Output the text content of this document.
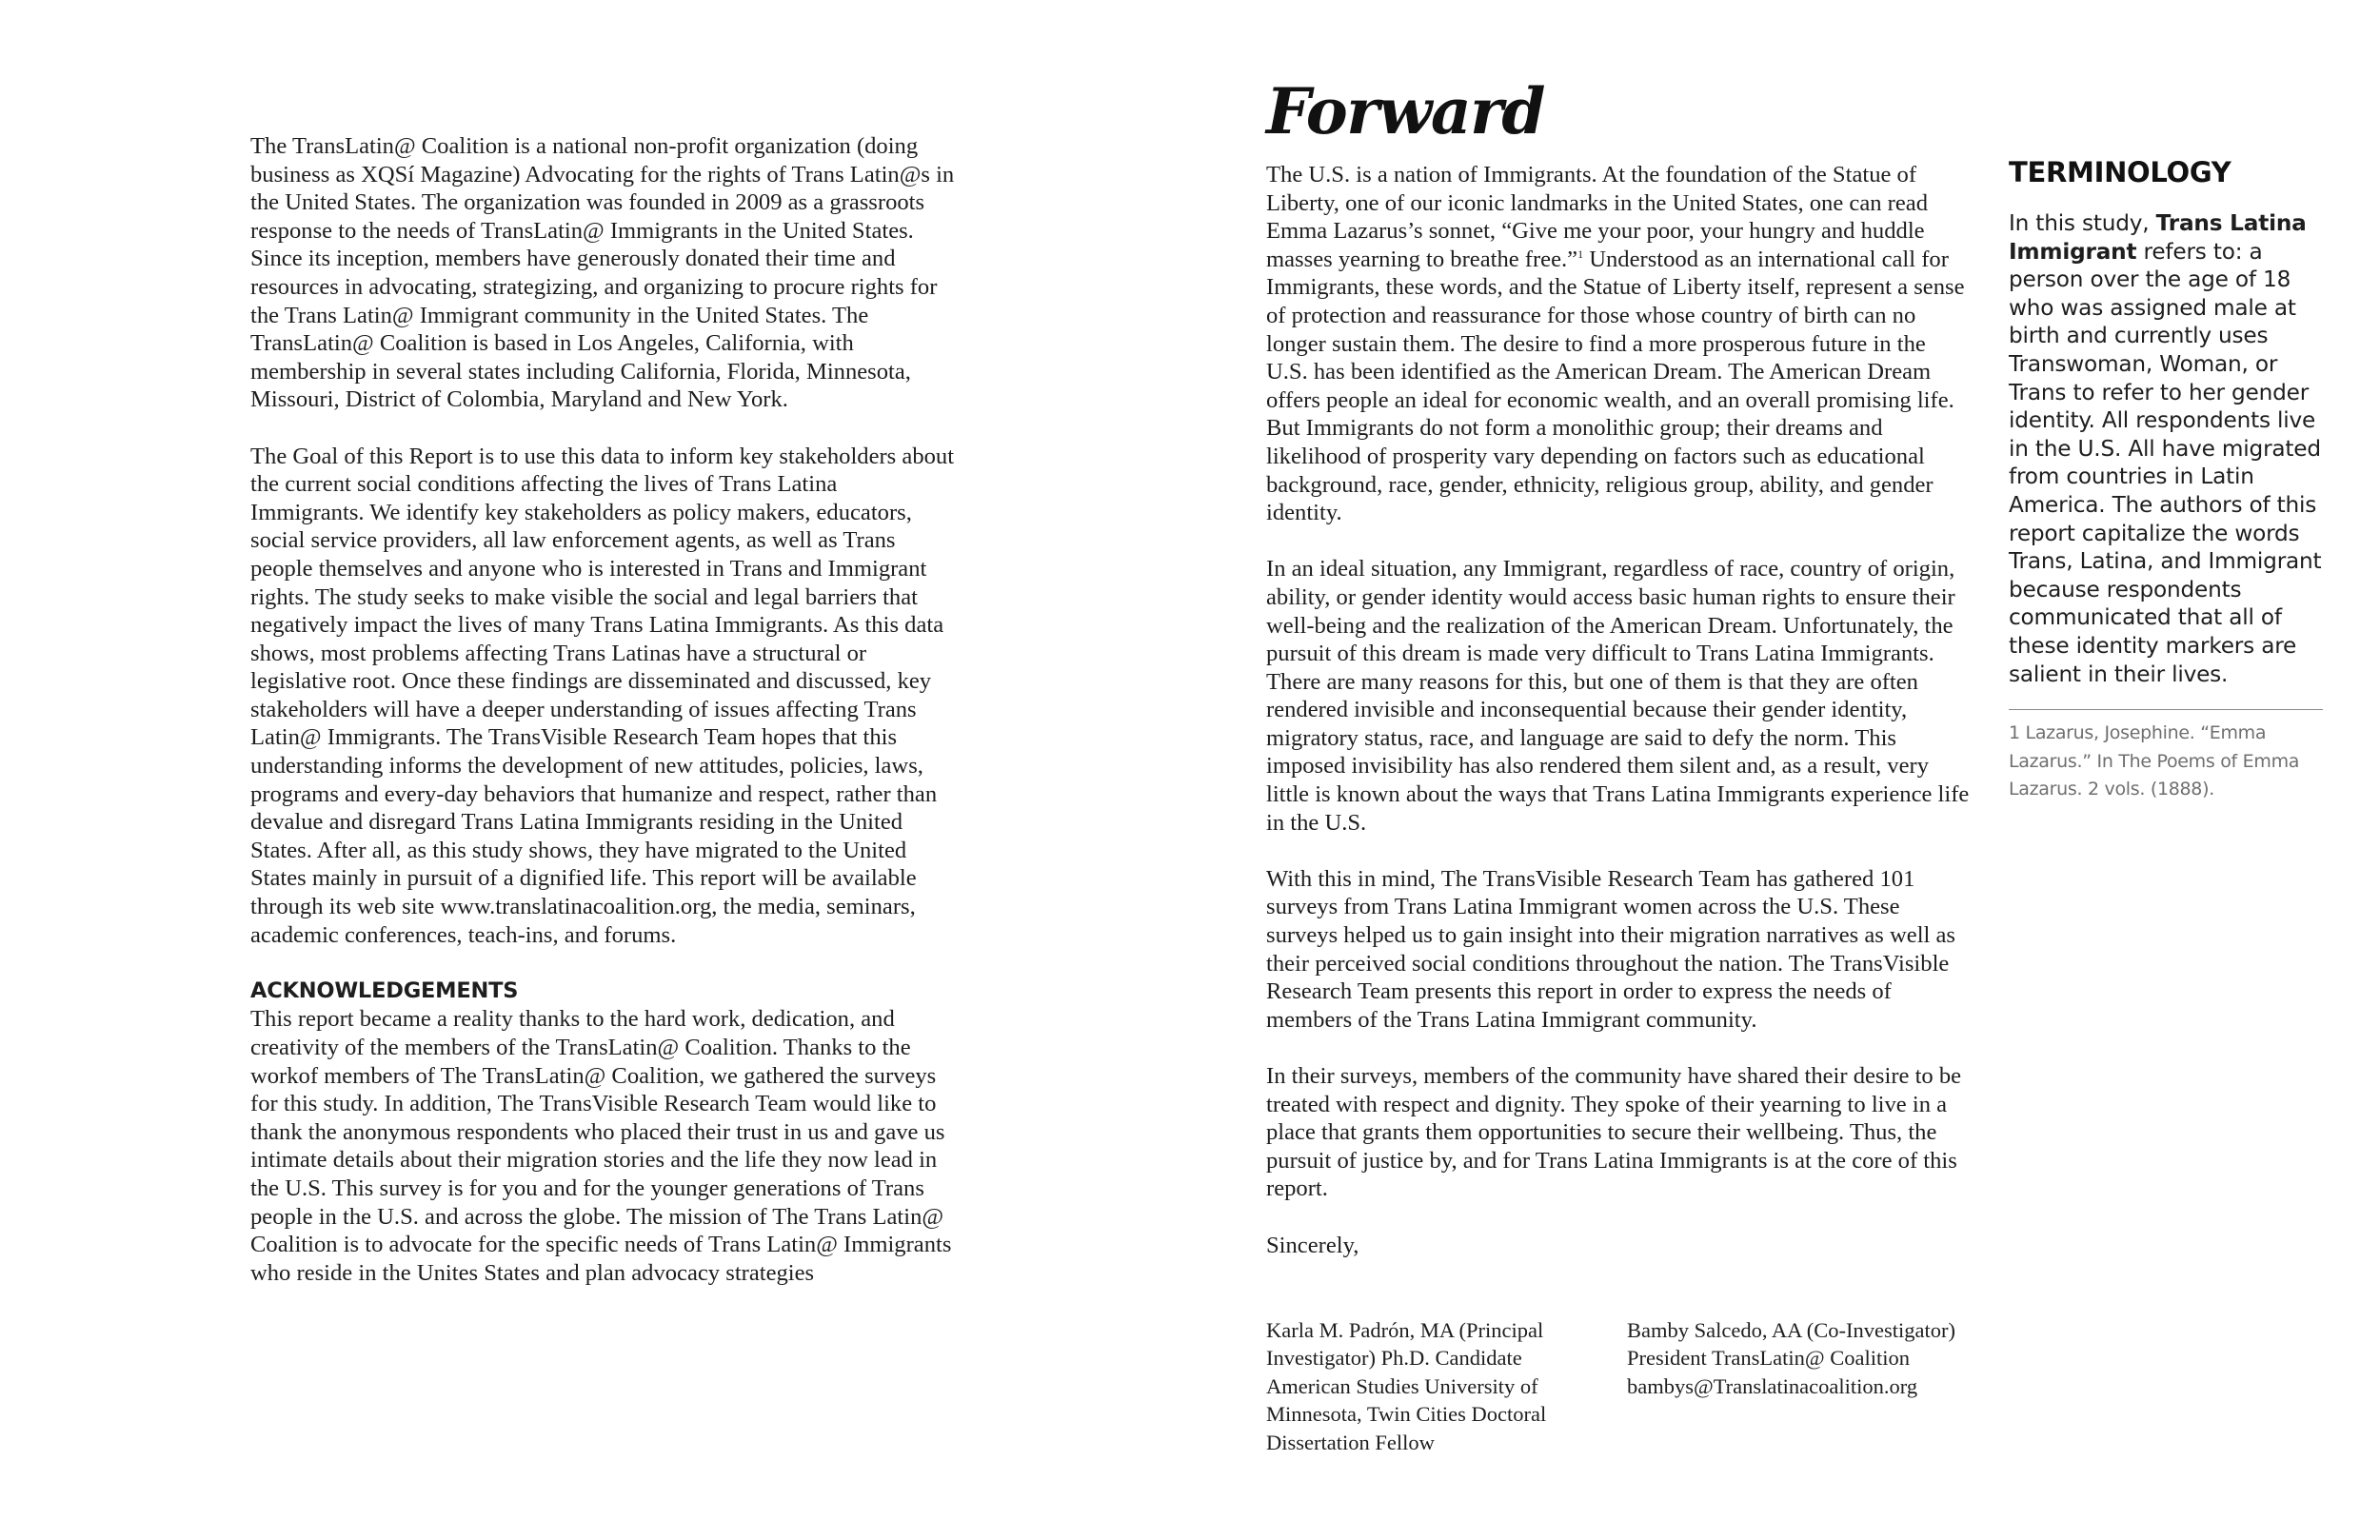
The TransLatin@ Coalition is a national non-profit organization (doing business as XQSí Magazine) Advocating for the rights of Trans Latin@s in the United States. The organization was founded in 2009 as a grassroots response to the needs of TransLatin@ Immigrants in the United States. Since its inception, members have generously donated their time and resources in advocating, strategizing, and organizing to procure rights for the Trans Latin@ Immigrant community in the United States. The TransLatin@ Coalition is based in Los Angeles, California, with membership in several states including California, Florida, Minnesota, Missouri, District of Colombia, Maryland and New York.

The Goal of this Report is to use this data to inform key stakeholders about the current social conditions affecting the lives of Trans Latina Immigrants. We identify key stakeholders as policy makers, educators, social service providers, all law enforcement agents, as well as Trans people themselves and anyone who is interested in Trans and Immigrant rights. The study seeks to make visible the social and legal barriers that negatively impact the lives of many Trans Latina Immigrants. As this data shows, most problems affecting Trans Latinas have a structural or legislative root. Once these findings are disseminated and discussed, key stakeholders will have a deeper understanding of issues affecting Trans Latin@ Immigrants. The TransVisible Research Team hopes that this understanding informs the development of new attitudes, policies, laws, programs and every-day behaviors that humanize and respect, rather than devalue and disregard Trans Latina Immigrants residing in the United States. After all, as this study shows, they have migrated to the United States mainly in pursuit of a dignified life. This report will be available through its web site www.translatinacoalition.org, the media, seminars, academic conferences, teach-ins, and forums.

ACKNOWLEDGEMENTS

This report became a reality thanks to the hard work, dedication, and creativity of the members of the TransLatin@ Coalition. Thanks to the workof members of The TransLatin@ Coalition, we gathered the surveys for this study. In addition, The TransVisible Research Team would like to thank the anonymous respondents who placed their trust in us and gave us intimate details about their migration stories and the life they now lead in the U.S. This survey is for you and for the younger generations of Trans people in the U.S. and across the globe. The mission of The Trans Latin@ Coalition is to advocate for the specific needs of Trans Latin@ Immigrants who reside in the Unites States and plan advocacy strategies

Forward

The U.S. is a nation of Immigrants. At the foundation of the Statue of Liberty, one of our iconic landmarks in the United States, one can read Emma Lazarus’s sonnet, “Give me your poor, your hungry and huddle masses yearning to breathe free.”$^1$ Understood as an international call for Immigrants, these words, and the Statue of Liberty itself, represent a sense of protection and reassurance for those whose country of birth can no longer sustain them. The desire to find a more prosperous future in the U.S. has been identified as the American Dream. The American Dream offers people an ideal for economic wealth, and an overall promising life. But Immigrants do not form a monolithic group; their dreams and likelihood of prosperity vary depending on factors such as educational background, race, gender, ethnicity, religious group, ability, and gender identity.

In an ideal situation, any Immigrant, regardless of race, country of origin, ability, or gender identity would access basic human rights to ensure their well-being and the realization of the American Dream. Unfortunately, the pursuit of this dream is made very difficult to Trans Latina Immigrants. There are many reasons for this, but one of them is that they are often rendered invisible and inconsequential because their gender identity, migratory status, race, and language are said to defy the norm. This imposed invisibility has also rendered them silent and, as a result, very little is known about the ways that Trans Latina Immigrants experience life in the U.S.

With this in mind, The TransVisible Research Team has gathered 101 surveys from Trans Latina Immigrant women across the U.S. These surveys helped us to gain insight into their migration narratives as well as their perceived social conditions throughout the nation. The TransVisible Research Team presents this report in order to express the needs of members of the Trans Latina Immigrant community.

In their surveys, members of the community have shared their desire to be treated with respect and dignity. They spoke of their yearning to live in a place that grants them opportunities to secure their wellbeing. Thus, the pursuit of justice by, and for Trans Latina Immigrants is at the core of this report.

Sincerely,

Karla M. Padrón, MA (Principal Investigator) Ph.D. Candidate American Studies University of Minnesota, Twin Cities Doctoral Dissertation Fellow

Bamby Salcedo, AA (Co-Investigator) President TransLatin@ Coalition bambys@Translatinacoalition.org

TERMINOLOGY

In this study, Trans Latina Immigrant refers to: a person over the age of 18 who was assigned male at birth and currently uses Transwoman, Woman, or Trans to refer to her gender identity. All respondents live in the U.S. All have migrated from countries in Latin America. The authors of this report capitalize the words Trans, Latina, and Immigrant because respondents communicated that all of these identity markers are salient in their lives.

1 Lazarus, Josephine. “Emma Lazarus.” In The Poems of Emma Lazarus. 2 vols. (1888).
